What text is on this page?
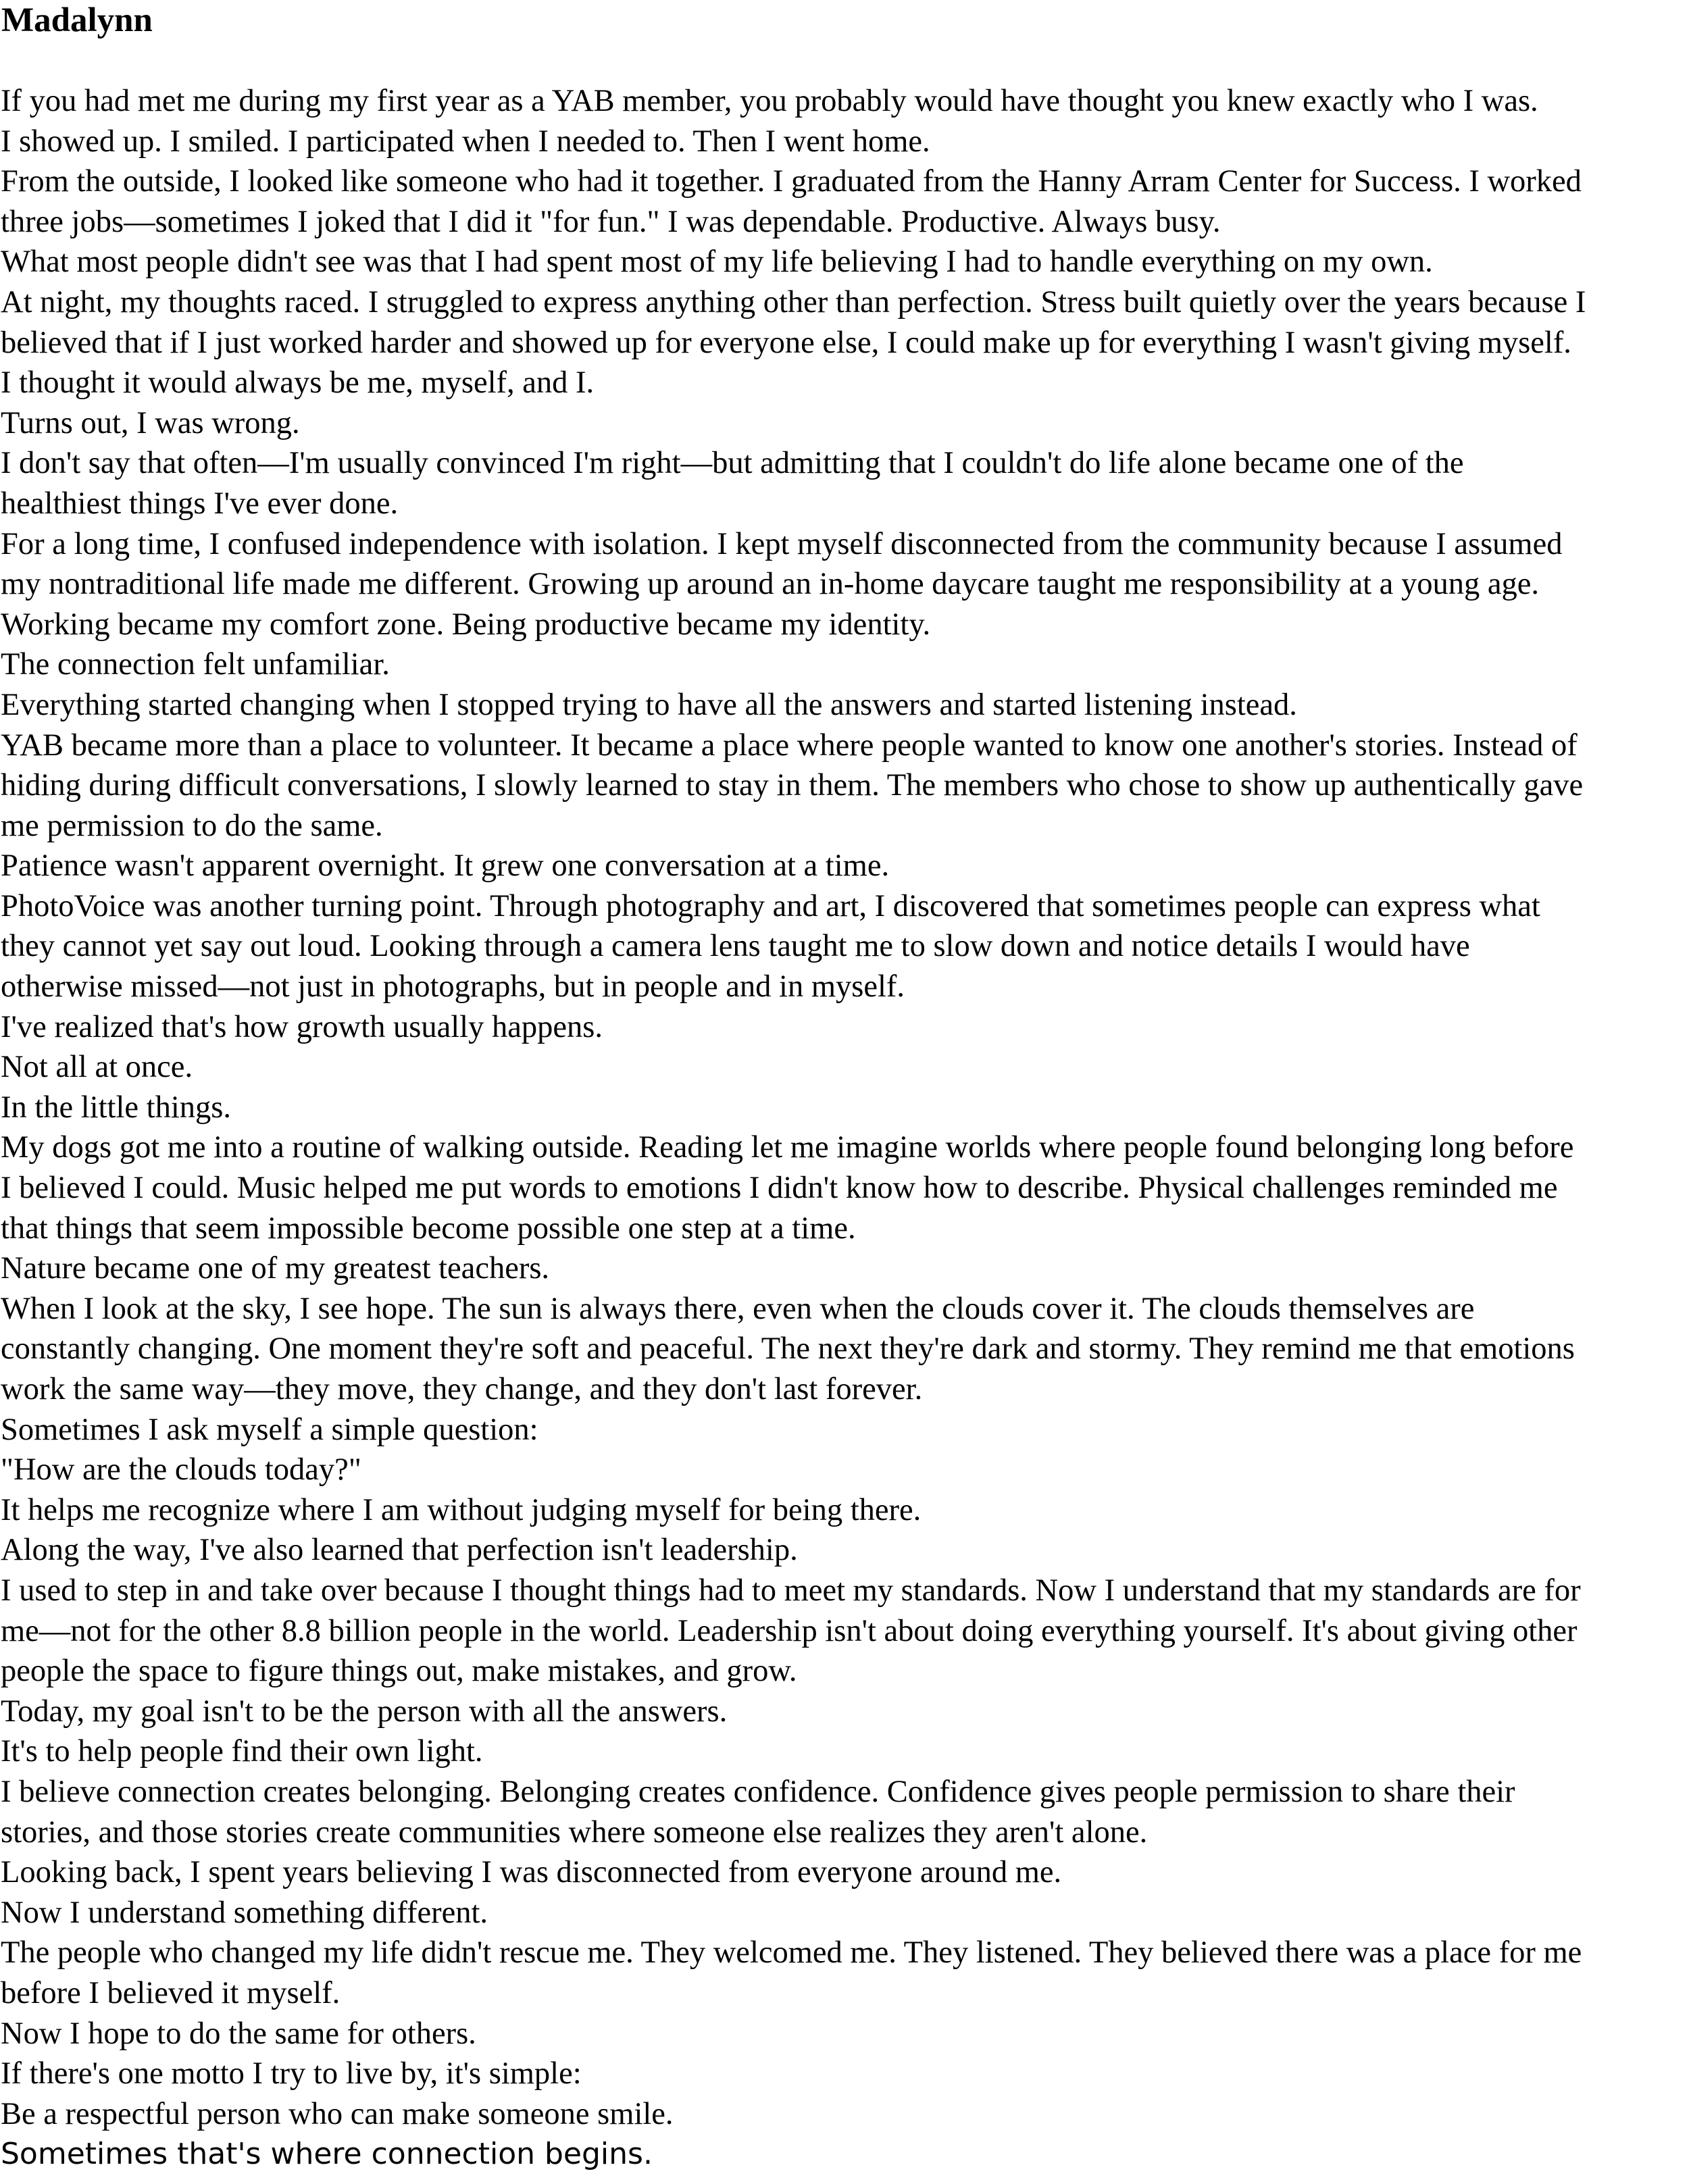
Madalynn

If you had met me during my first year as a YAB member, you probably would have thought you knew exactly who I was.

I showed up. I smiled. I participated when I needed to. Then I went home.

From the outside, I looked like someone who had it together. I graduated from the Hanny Arram Center for Success. I worked
three jobs—sometimes I joked that I did it "for fun." I was dependable. Productive. Always busy.

What most people didn't see was that I had spent most of my life believing I had to handle everything on my own.

At night, my thoughts raced. I struggled to express anything other than perfection. Stress built quietly over the years because I
believed that if I just worked harder and showed up for everyone else, I could make up for everything I wasn't giving myself.

I thought it would always be me, myself, and I.

Turns out, I was wrong.

I don't say that often—I'm usually convinced I'm right—but admitting that I couldn't do life alone became one of the
healthiest things I've ever done.

For a long time, I confused independence with isolation. I kept myself disconnected from the community because I assumed
my nontraditional life made me different. Growing up around an in-home daycare taught me responsibility at a young age.
Working became my comfort zone. Being productive became my identity.

The connection felt unfamiliar.

Everything started changing when I stopped trying to have all the answers and started listening instead.

YAB became more than a place to volunteer. It became a place where people wanted to know one another's stories. Instead of
hiding during difficult conversations, I slowly learned to stay in them. The members who chose to show up authentically gave
me permission to do the same.

Patience wasn't apparent overnight. It grew one conversation at a time.

PhotoVoice was another turning point. Through photography and art, I discovered that sometimes people can express what
they cannot yet say out loud. Looking through a camera lens taught me to slow down and notice details I would have
otherwise missed—not just in photographs, but in people and in myself.

I've realized that's how growth usually happens.

Not all at once.

In the little things.

My dogs got me into a routine of walking outside. Reading let me imagine worlds where people found belonging long before
I believed I could. Music helped me put words to emotions I didn't know how to describe. Physical challenges reminded me
that things that seem impossible become possible one step at a time.

Nature became one of my greatest teachers.

When I look at the sky, I see hope. The sun is always there, even when the clouds cover it. The clouds themselves are
constantly changing. One moment they're soft and peaceful. The next they're dark and stormy. They remind me that emotions
work the same way—they move, they change, and they don't last forever.

Sometimes I ask myself a simple question:

"How are the clouds today?"

It helps me recognize where I am without judging myself for being there.

Along the way, I've also learned that perfection isn't leadership.

I used to step in and take over because I thought things had to meet my standards. Now I understand that my standards are for
me—not for the other 8.8 billion people in the world. Leadership isn't about doing everything yourself. It's about giving other
people the space to figure things out, make mistakes, and grow.

Today, my goal isn't to be the person with all the answers.

It's to help people find their own light.

I believe connection creates belonging. Belonging creates confidence. Confidence gives people permission to share their
stories, and those stories create communities where someone else realizes they aren't alone.

Looking back, I spent years believing I was disconnected from everyone around me.

Now I understand something different.

The people who changed my life didn't rescue me. They welcomed me. They listened. They believed there was a place for me
before I believed it myself.

Now I hope to do the same for others.

If there's one motto I try to live by, it's simple:

Be a respectful person who can make someone smile.

Sometimes that's where connection begins.
